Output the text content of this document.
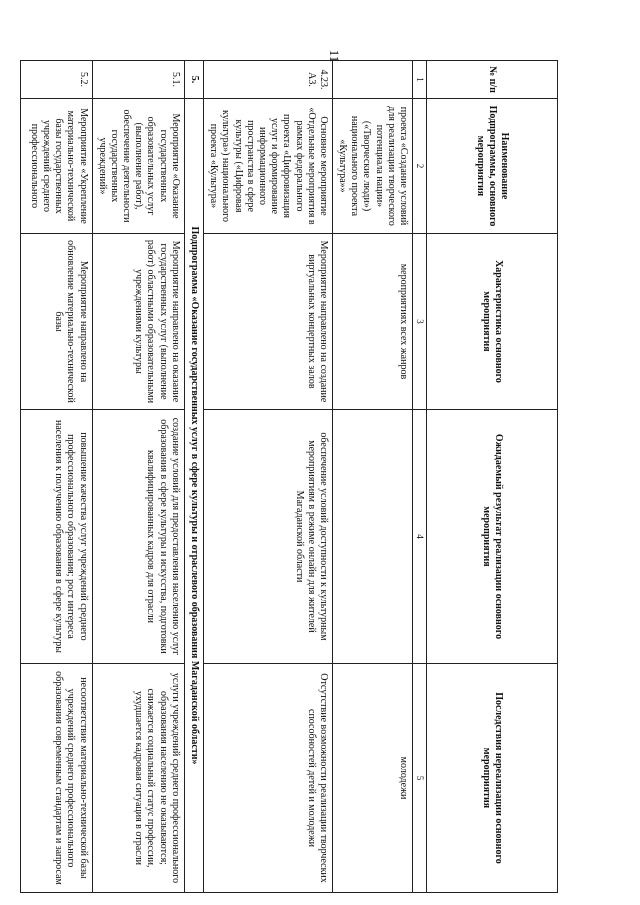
11
№ п/п	Наименование Подпрограммы, основного мероприятия	Характеристика основного мероприятия	Ожидаемый результат реализации основного мероприятия	Последствия нереализации основного мероприятия
1	2	3	4	5
	проекта «Создание условий для реализации творческого потенциала нации» («Творческие люди») национального проекта «Культура»»	мероприятиях всех жанров		молодежи
4.23. А3.	Основное мероприятие «Отдельные мероприятия в рамках федерального проекта «Цифровизация услуг и формирование информационного пространства в сфере культуры («Цифровая культура») национального проекта «Культура»	Мероприятие направлено на создание виртуальных концертных залов	обеспечение условий доступности к культурным мероприятиям в режиме онлайн для жителей Магаданской области	Отсутствие возможности реализации творческих способностей детей и молодежи
5.	Подпрограмма «Оказание государственных услуг в сфере культуры и отраслевого образования Магаданской области»			
5.1.	Мероприятие «Оказание государственных образовательных услуг (выполнение работ), обеспечение деятельности государственных учреждений»	Мероприятие направлено на оказание государственных услуг (выполнение работ) областными образовательными учреждениями культуры	создание условий для предоставления населению услуг образования в сфере культуры и искусства, подготовки квалифицированных кадров для отрасли	услуги учреждений среднего профессионального образования населению не оказываются; снижается социальный статус профессии, ухудшается кадровая ситуация в отрасли
5.2.	Мероприятие «Укрепление материально-технической базы государственных учреждений среднего профессионального	Мероприятие направлено на обновление материально-технической базы	повышение качества услуг учреждений среднего профессионального образования; рост интереса населения к получению образования в сфере культуры	несоответствие материально-технической базы учреждений среднего профессионального образования современным стандартам и запросам
